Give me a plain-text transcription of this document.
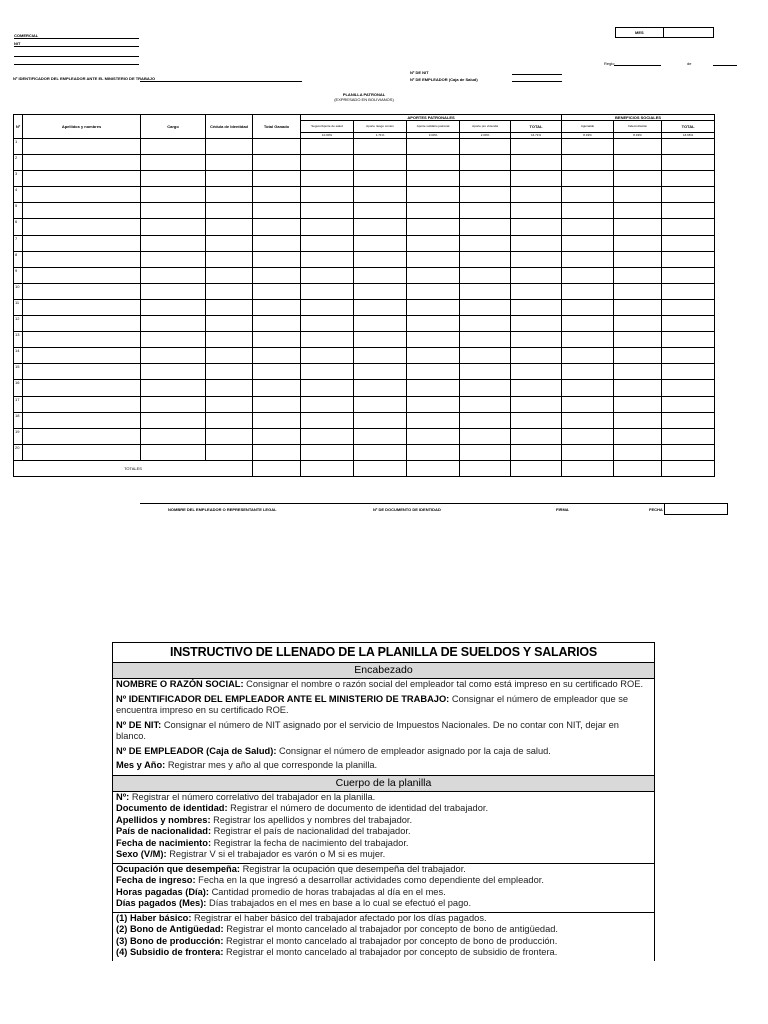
COMERCIAL
NIT
Nº IDENTIFICADOR DEL EMPLEADOR ANTE EL MINISTERIO DE TRABAJO
MES
Regio	de
Nº DE NIT
Nº DE EMPLEADOR (Caja de Salud)
PLANILLA PATRONAL
(EXPRESADO EN BOLIVIANOS)
Nº	Apellidos y nombres	Cargo	Cédula de Identidad	Total Ganado	APORTES PATRONALES					BENEFICIOS SOCIALES		
					Seguro/Aporte de salud	Aporte riesgo común	Aporte solidario patronal	Aporte pro vivienda	TOTAL	Aguinaldo	Indemnización	TOTAL
					10.00%	1.71%	3.00%	2.00%	16.71%	8.33%	8.33%	16.66%
1												
2												
3												
4												
5												
6												
7												
8												
9												
10												
11												
12												
13												
14												
15												
16												
17												
18												
19												
20												
TOTALES												
NOMBRE DEL EMPLEADOR O REPRESENTANTE LEGAL	Nº DE DOCUMENTO DE IDENTIDAD	FIRMA	FECHA
INSTRUCTIVO DE LLENADO DE LA PLANILLA DE SUELDOS Y SALARIOS
Encabezado
NOMBRE O RAZÓN SOCIAL: Consignar el nombre o razón social del empleador tal como está impreso en su certificado ROE.
Nº IDENTIFICADOR DEL EMPLEADOR ANTE EL MINISTERIO DE TRABAJO: Consignar el número de empleador que se encuentra impreso en su certificado ROE.
Nº DE NIT: Consignar el número de NIT asignado por el servicio de Impuestos Nacionales. De no contar con NIT, dejar en blanco.
Nº DE EMPLEADOR (Caja de Salud): Consignar el número de empleador asignado por la caja de salud.
Mes y Año: Registrar mes y año al que corresponde la planilla.
Cuerpo de la planilla
Nº: Registrar el número correlativo del trabajador en la planilla.
Documento de identidad: Registrar el número de documento de identidad del trabajador.
Apellidos y nombres: Registrar los apellidos y nombres del trabajador.
País de nacionalidad: Registrar el país de nacionalidad del trabajador.
Fecha de nacimiento: Registrar la fecha de nacimiento del trabajador.
Sexo (V/M): Registrar V si el trabajador es varón o M si es mujer.
Ocupación que desempeña: Registrar la ocupación que desempeña del trabajador.
Fecha de ingreso: Fecha en la que ingresó a desarrollar actividades como dependiente del empleador.
Horas pagadas (Día): Cantidad promedio de horas trabajadas al día en el mes.
Días pagados (Mes): Días trabajados en el mes en base a lo cual se efectuó el pago.
(1) Haber básico: Registrar el haber básico del trabajador afectado por los días pagados.
(2) Bono de Antigüedad: Registrar el monto cancelado al trabajador por concepto de bono de antigüedad.
(3) Bono de producción: Registrar el monto cancelado al trabajador por concepto de bono de producción.
(4) Subsidio de frontera: Registrar el monto cancelado al trabajador por concepto de subsidio de frontera.
